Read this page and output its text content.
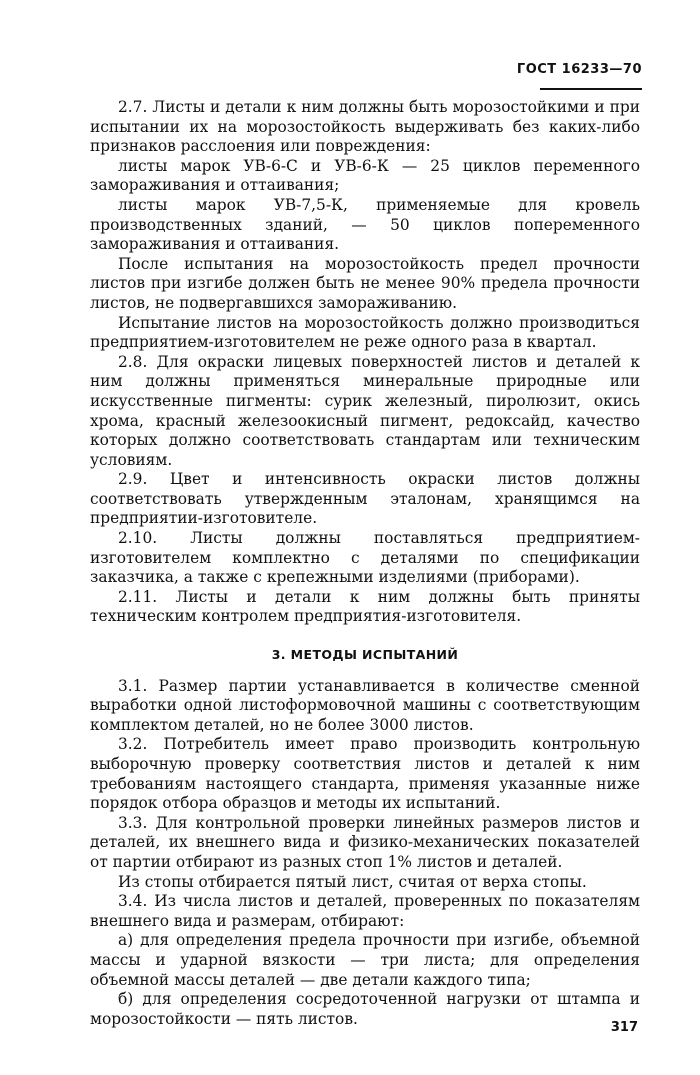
ГОСТ 16233—70

2.7. Листы и детали к ним должны быть морозостойкими и при испытании их на морозостойкость выдерживать без каких-либо признаков расслоения или повреждения:

листы марок УВ-6-С и УВ-6-К — 25 циклов переменного замораживания и оттаивания;

листы марок УВ-7,5-К, применяемые для кровель производственных зданий, — 50 циклов попеременного замораживания и оттаивания.

После испытания на морозостойкость предел прочности листов при изгибе должен быть не менее 90% предела прочности листов, не подвергавшихся замораживанию.

Испытание листов на морозостойкость должно производиться предприятием-изготовителем не реже одного раза в квартал.

2.8. Для окраски лицевых поверхностей листов и деталей к ним должны применяться минеральные природные или искусственные пигменты: сурик железный, пиролюзит, окись хрома, красный железоокисный пигмент, редоксайд, качество которых должно соответствовать стандартам или техническим условиям.

2.9. Цвет и интенсивность окраски листов должны соответствовать утвержденным эталонам, хранящимся на предприятии-изготовителе.

2.10. Листы должны поставляться предприятием-изготовителем комплектно с деталями по спецификации заказчика, а также с крепежными изделиями (приборами).

2.11. Листы и детали к ним должны быть приняты техническим контролем предприятия-изготовителя.

3. МЕТОДЫ ИСПЫТАНИЙ

3.1. Размер партии устанавливается в количестве сменной выработки одной листоформовочной машины с соответствующим комплектом деталей, но не более 3000 листов.

3.2. Потребитель имеет право производить контрольную выборочную проверку соответствия листов и деталей к ним требованиям настоящего стандарта, применяя указанные ниже порядок отбора образцов и методы их испытаний.

3.3. Для контрольной проверки линейных размеров листов и деталей, их внешнего вида и физико-механических показателей от партии отбирают из разных стоп 1% листов и деталей.

Из стопы отбирается пятый лист, считая от верха стопы.

3.4. Из числа листов и деталей, проверенных по показателям внешнего вида и размерам, отбирают:

а) для определения предела прочности при изгибе, объемной массы и ударной вязкости — три листа; для определения объемной массы деталей — две детали каждого типа;

б) для определения сосредоточенной нагрузки от штампа и морозостойкости — пять листов.	317
